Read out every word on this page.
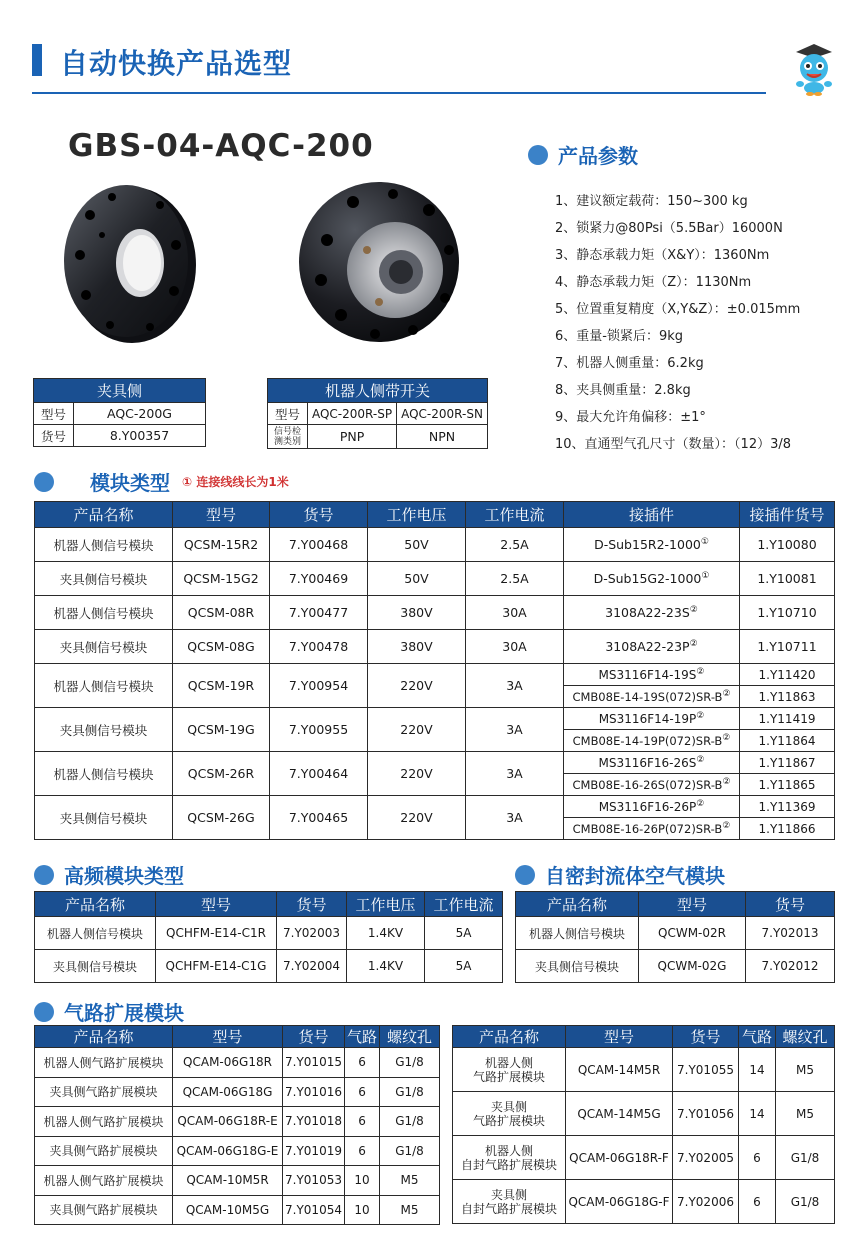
自动快换产品选型
GBS-04-AQC-200
夹具侧	
型号	AQC-200G
货号	8.Y00357
机器人侧带开关		
型号	AQC-200R-SP	AQC-200R-SN

信号检
测类别	PNP	NPN
产品参数
1、建议额定载荷：150~300 kg
2、锁紧力@80Psi（5.5Bar）16000N
3、静态承载力矩（X&Y）：1360Nm
4、静态承载力矩（Z）：1130Nm
5、位置重复精度（X,Y&Z）：±0.015mm
6、重量-锁紧后：9kg
7、机器人侧重量：6.2kg
8、夹具侧重量：2.8kg
9、最大允许角偏移：±1°
10、直通型气孔尺寸（数量）：（12）3/8
模块类型 ① 连接线线长为1米
产品名称	型号	货号	工作电压	工作电流	接插件	接插件货号
机器人侧信号模块	QCSM-15R2	7.Y00468	50V	2.5A	D-Sub15R2-1000①	1.Y10080
夹具侧信号模块	QCSM-15G2	7.Y00469	50V	2.5A	D-Sub15G2-1000①	1.Y10081
机器人侧信号模块	QCSM-08R	7.Y00477	380V	30A	3108A22-23S②	1.Y10710
夹具侧信号模块	QCSM-08G	7.Y00478	380V	30A	3108A22-23P②	1.Y10711
机器人侧信号模块	QCSM-19R	7.Y00954	220V	3A	MS3116F14-19S②	1.Y11420
					CMB08E-14-19S(072)SR-B②	1.Y11863
夹具侧信号模块	QCSM-19G	7.Y00955	220V	3A	MS3116F14-19P②	1.Y11419
					CMB08E-14-19P(072)SR-B②	1.Y11864
机器人侧信号模块	QCSM-26R	7.Y00464	220V	3A	MS3116F16-26S②	1.Y11867
					CMB08E-16-26S(072)SR-B②	1.Y11865
夹具侧信号模块	QCSM-26G	7.Y00465	220V	3A	MS3116F16-26P②	1.Y11369
					CMB08E-16-26P(072)SR-B②	1.Y11866
高频模块类型
产品名称	型号	货号	工作电压	工作电流
机器人侧信号模块	QCHFM-E14-C1R	7.Y02003	1.4KV	5A
夹具侧信号模块	QCHFM-E14-C1G	7.Y02004	1.4KV	5A
自密封流体空气模块
产品名称	型号	货号
机器人侧信号模块	QCWM-02R	7.Y02013
夹具侧信号模块	QCWM-02G	7.Y02012
气路扩展模块
产品名称	型号	货号	气路	螺纹孔
机器人侧气路扩展模块	QCAM-06G18R	7.Y01015	6	G1/8
夹具侧气路扩展模块	QCAM-06G18G	7.Y01016	6	G1/8
机器人侧气路扩展模块	QCAM-06G18R-E	7.Y01018	6	G1/8
夹具侧气路扩展模块	QCAM-06G18G-E	7.Y01019	6	G1/8
机器人侧气路扩展模块	QCAM-10M5R	7.Y01053	10	M5
夹具侧气路扩展模块	QCAM-10M5G	7.Y01054	10	M5
产品名称	型号	货号	气路	螺纹孔

机器人侧
气路扩展模块	QCAM-14M5R	7.Y01055	14	M5

夹具侧
气路扩展模块	QCAM-14M5G	7.Y01056	14	M5

机器人侧
自封气路扩展模块	QCAM-06G18R-F	7.Y02005	6	G1/8

夹具侧
自封气路扩展模块	QCAM-06G18G-F	7.Y02006	6	G1/8
